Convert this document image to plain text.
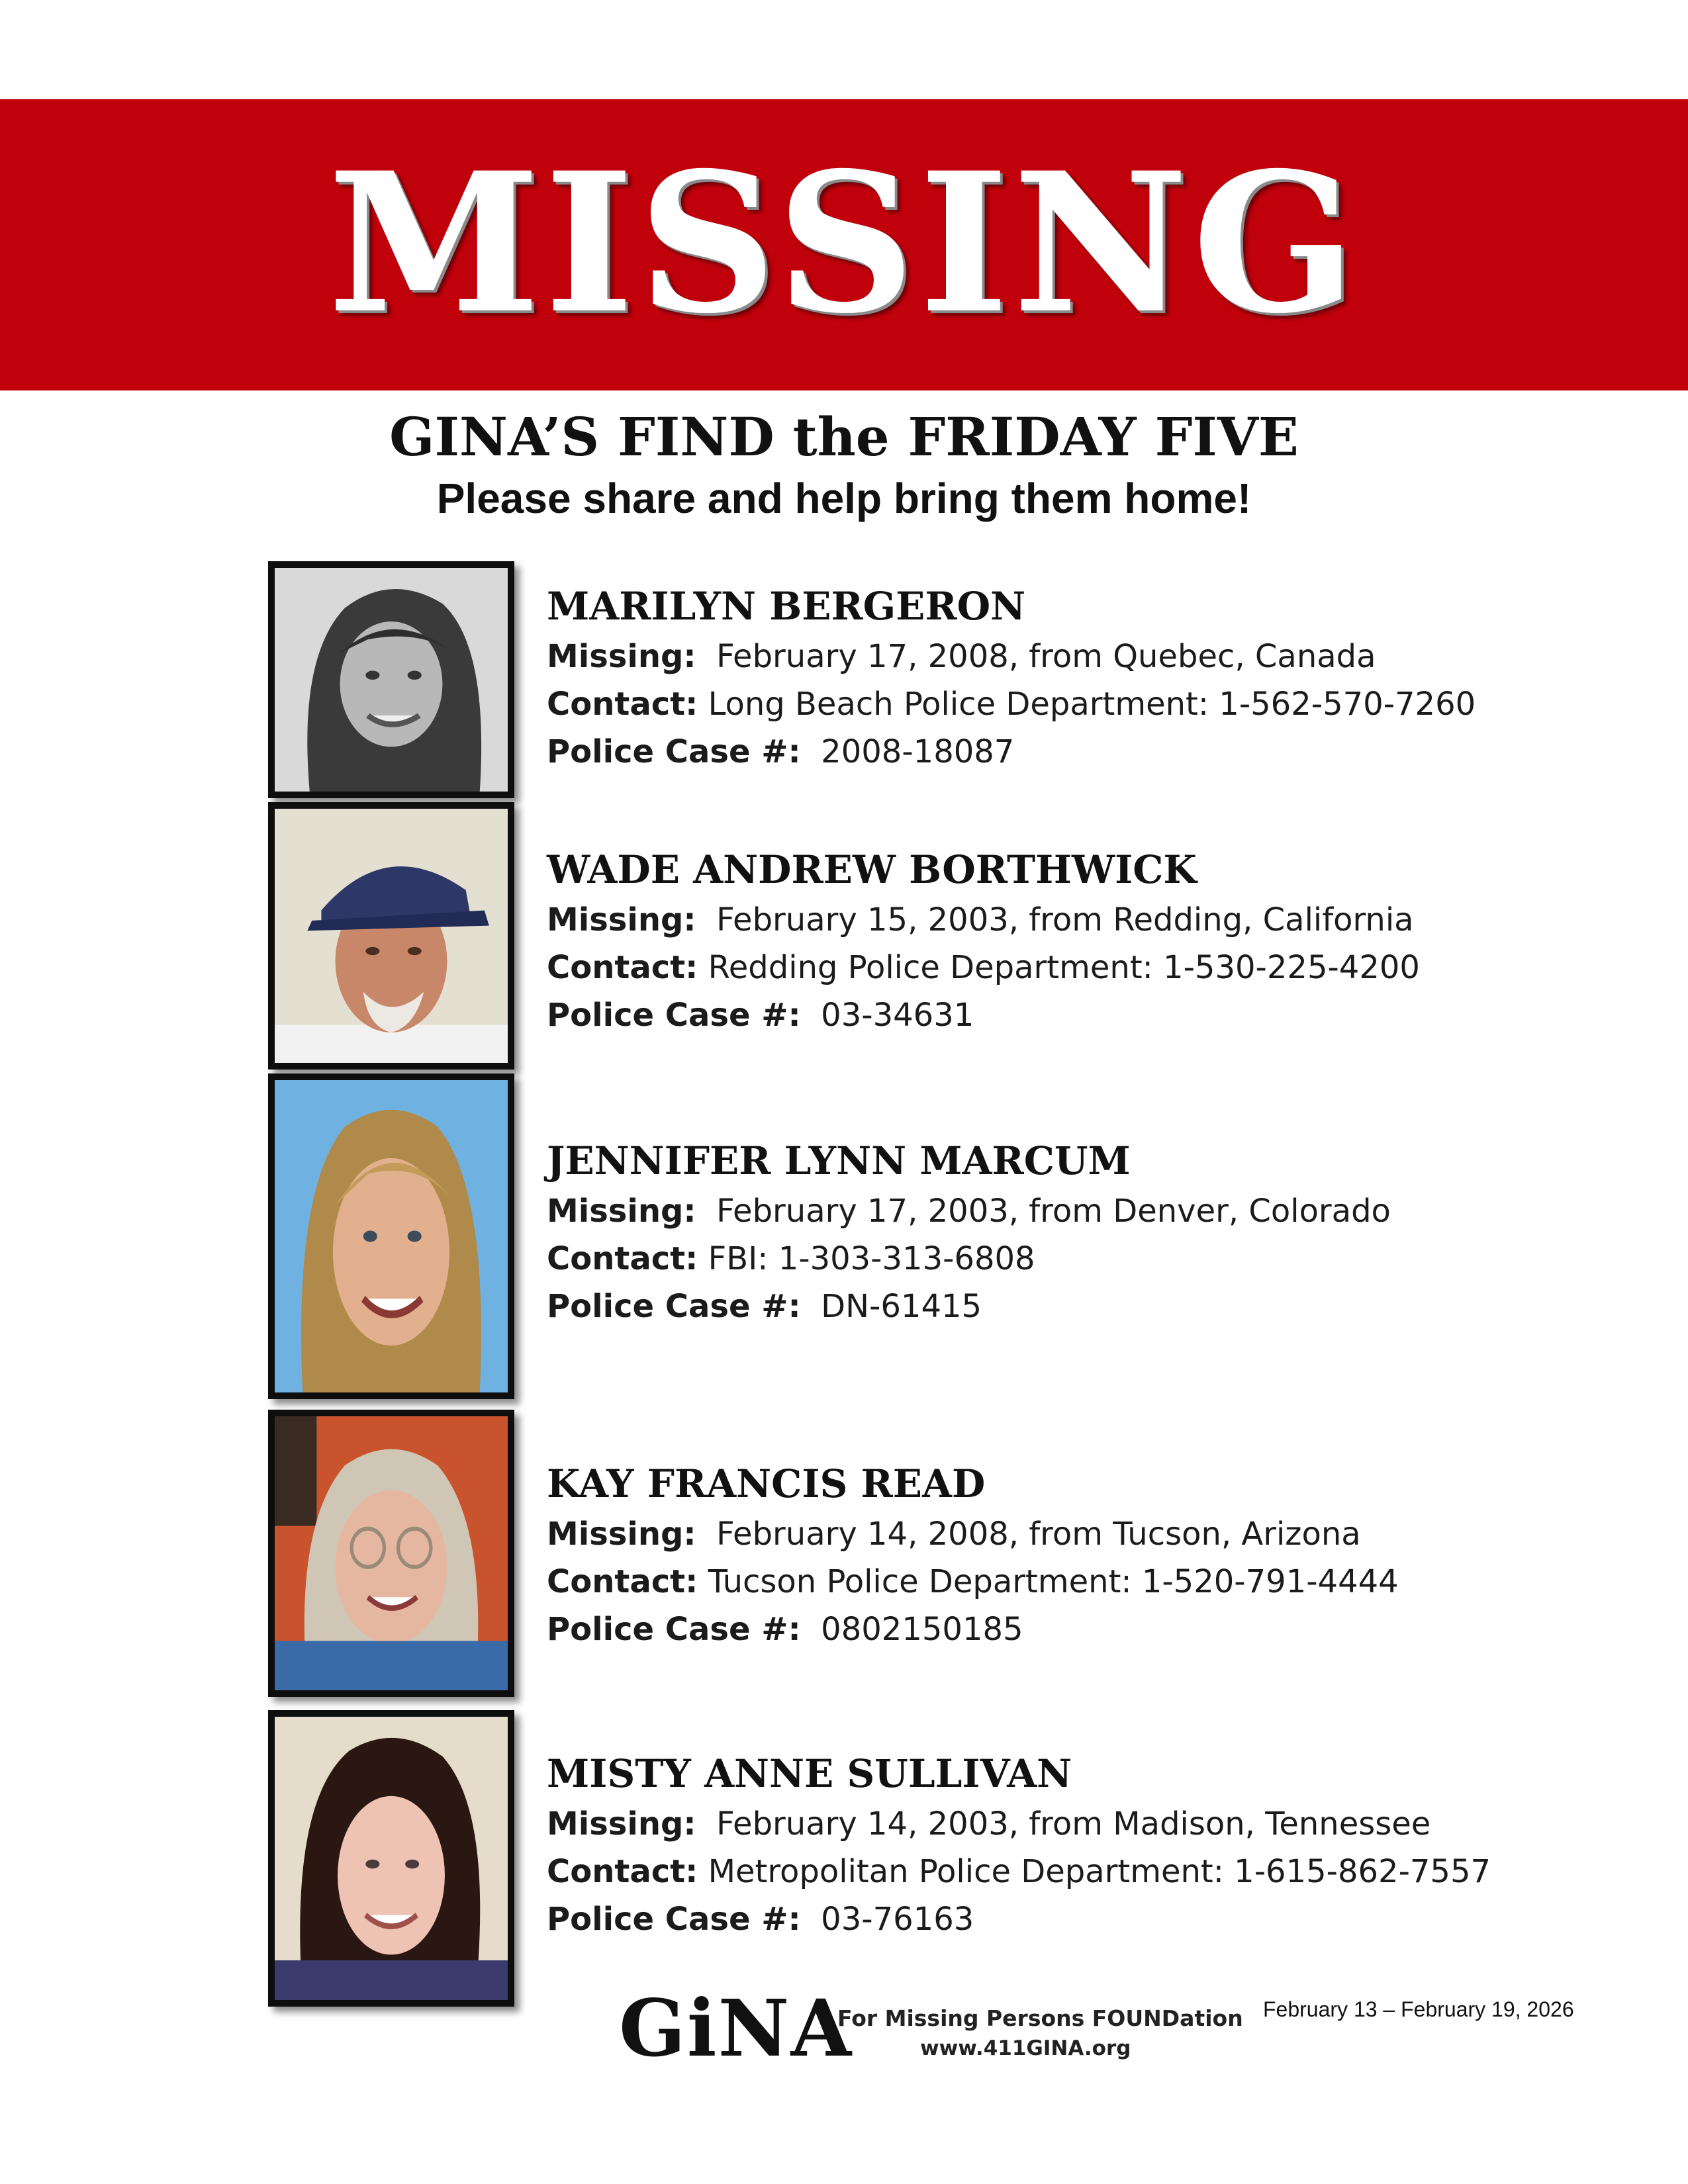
MISSING
GINA’S FIND the FRIDAY FIVE
Please share and help bring them home!
MARILYN BERGERON
Missing: February 17, 2008, from Quebec, Canada
Contact: Long Beach Police Department: 1-562-570-7260
Police Case #: 2008-18087
WADE ANDREW BORTHWICK
Missing: February 15, 2003, from Redding, California
Contact: Redding Police Department: 1-530-225-4200
Police Case #: 03-34631
JENNIFER LYNN MARCUM
Missing: February 17, 2003, from Denver, Colorado
Contact: FBI: 1-303-313-6808
Police Case #: DN-61415
KAY FRANCIS READ
Missing: February 14, 2008, from Tucson, Arizona
Contact: Tucson Police Department: 1-520-791-4444
Police Case #: 0802150185
MISTY ANNE SULLIVAN
Missing: February 14, 2003, from Madison, Tennessee
Contact: Metropolitan Police Department: 1-615-862-7557
Police Case #: 03-76163
GiNA
For Missing Persons FOUNDation
www.411GINA.org
February 13 – February 19, 2026
